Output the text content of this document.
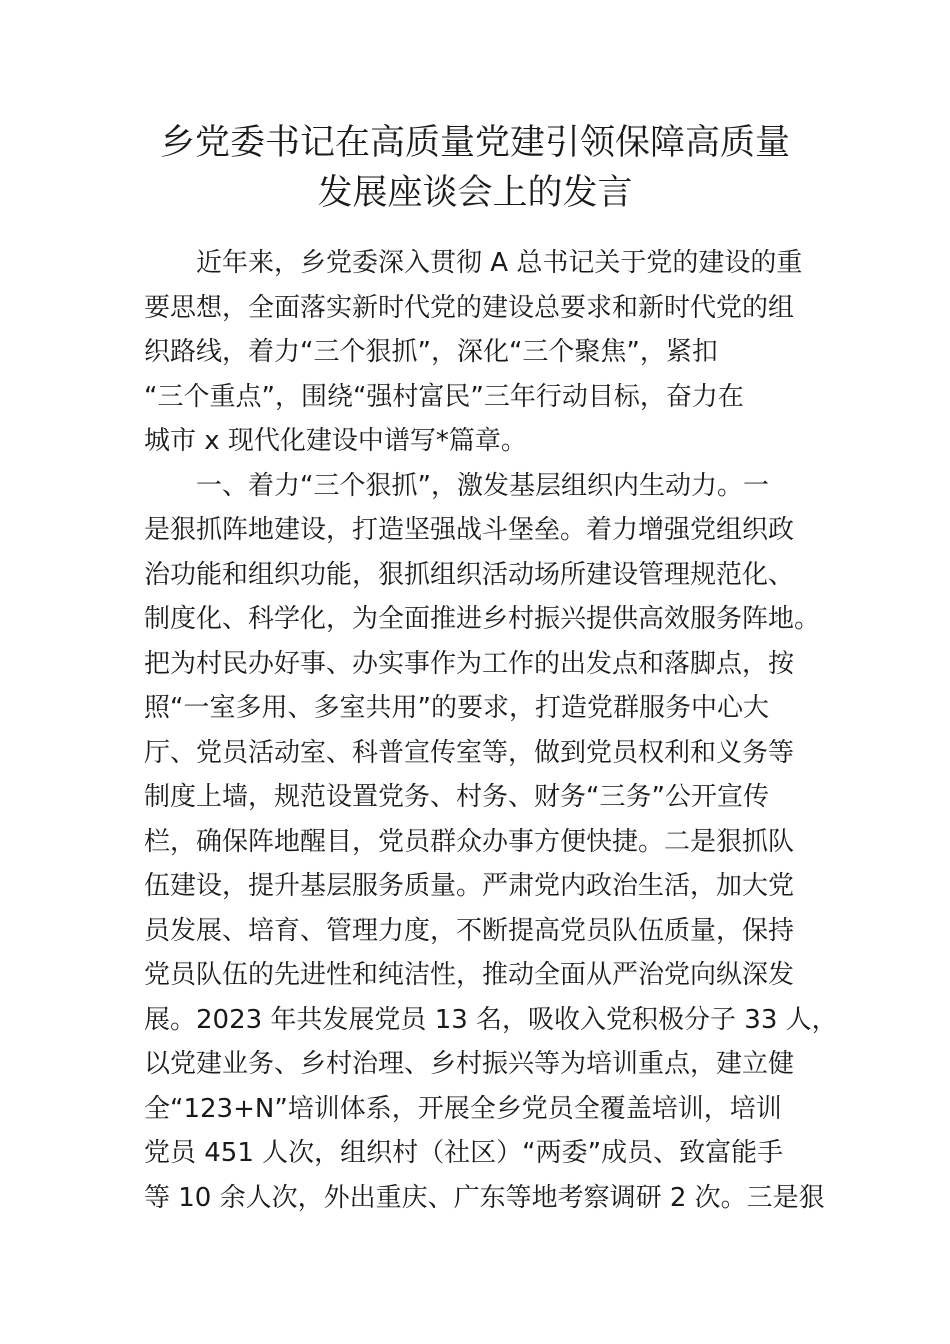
乡党委书记在高质量党建引领保障高质量
发展座谈会上的发言
近年来，乡党委深入贯彻 A 总书记关于党的建设的重
要思想，全面落实新时代党的建设总要求和新时代党的组
织路线，着力“三个狠抓”，深化“三个聚焦”，紧扣
“三个重点”，围绕“强村富民”三年行动目标，奋力在
城市 x 现代化建设中谱写*篇章。
一、着力“三个狠抓”，激发基层组织内生动力。一
是狠抓阵地建设，打造坚强战斗堡垒。着力增强党组织政
治功能和组织功能，狠抓组织活动场所建设管理规范化、
制度化、科学化，为全面推进乡村振兴提供高效服务阵地。
把为村民办好事、办实事作为工作的出发点和落脚点，按
照“一室多用、多室共用”的要求，打造党群服务中心大
厅、党员活动室、科普宣传室等，做到党员权利和义务等
制度上墙，规范设置党务、村务、财务“三务”公开宣传
栏，确保阵地醒目，党员群众办事方便快捷。二是狠抓队
伍建设，提升基层服务质量。严肃党内政治生活，加大党
员发展、培育、管理力度，不断提高党员队伍质量，保持
党员队伍的先进性和纯洁性，推动全面从严治党向纵深发
展。2023 年共发展党员 13 名，吸收入党积极分子 33 人，
以党建业务、乡村治理、乡村振兴等为培训重点，建立健
全“123+N”培训体系，开展全乡党员全覆盖培训，培训
党员 451 人次，组织村（社区）“两委”成员、致富能手
等 10 余人次，外出重庆、广东等地考察调研 2 次。三是狠
